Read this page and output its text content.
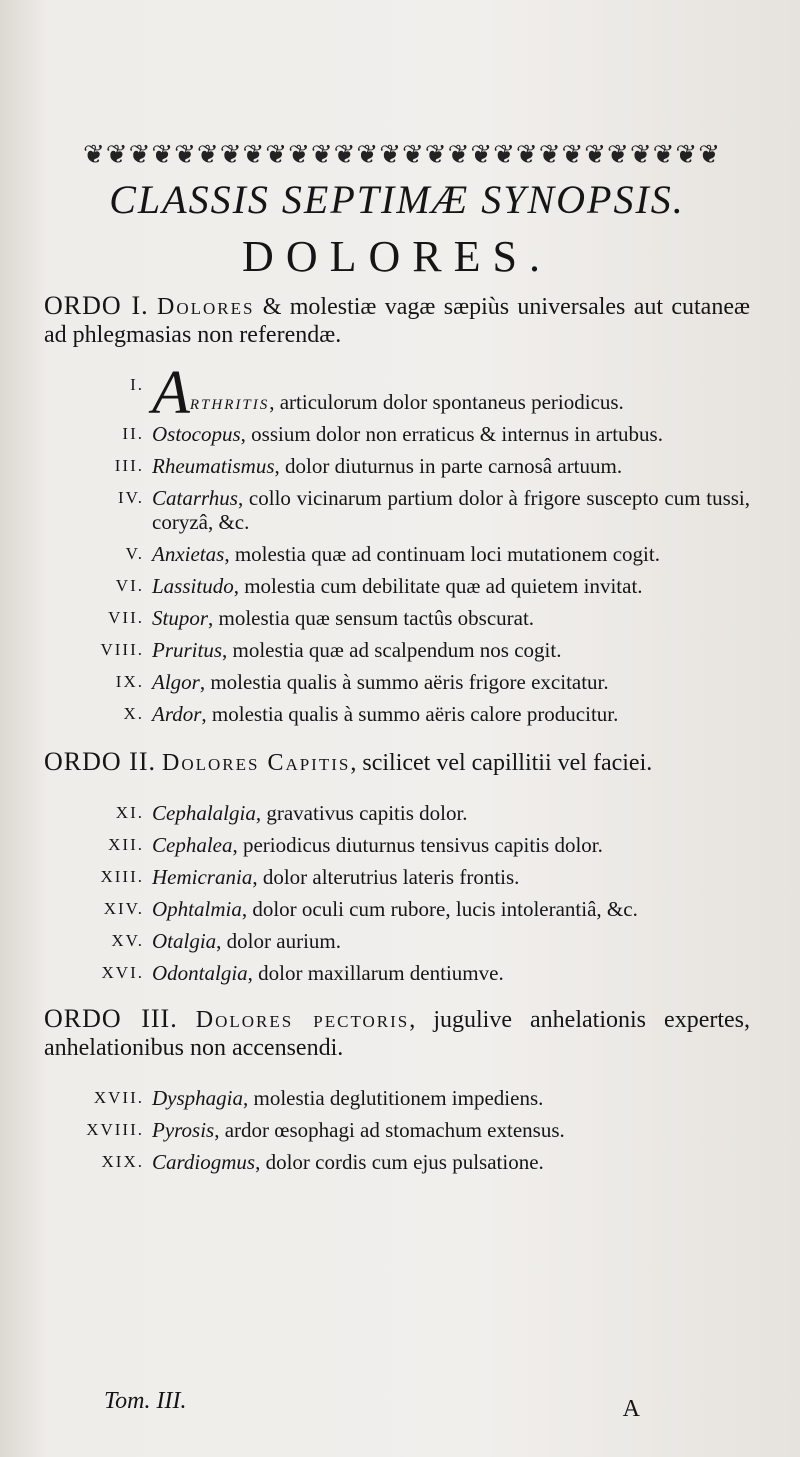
❦❦❦❦❦❦❦❦❦❦❦❦❦❦❦❦❦❦❦❦❦❦❦❦❦❦❦❦
CLASSIS SEPTIMÆ SYNOPSIS.
DOLORES.
ORDO I. Dolores & molestiæ vagæ sæpiùs universales aut cutaneæ ad phlegmasias non referendæ.
I. Arthritis, articulorum dolor spontaneus periodicus.
II. Ostocopus, ossium dolor non erraticus & internus in artubus.
III. Rheumatismus, dolor diuturnus in parte carnosâ artuum.
IV. Catarrhus, collo vicinarum partium dolor à frigore suscepto cum tussi, coryzâ, &c.
V. Anxietas, molestia quæ ad continuam loci mutationem cogit.
VI. Lassitudo, molestia cum debilitate quæ ad quietem invitat.
VII. Stupor, molestia quæ sensum tactûs obscurat.
VIII. Pruritus, molestia quæ ad scalpendum nos cogit.
IX. Algor, molestia qualis à summo aëris frigore excitatur.
X. Ardor, molestia qualis à summo aëris calore producitur.
ORDO II. Dolores Capitis, scilicet vel capillitii vel faciei.
XI. Cephalalgia, gravativus capitis dolor.
XII. Cephalea, periodicus diuturnus tensivus capitis dolor.
XIII. Hemicrania, dolor alterutrius lateris frontis.
XIV. Ophtalmia, dolor oculi cum rubore, lucis intolerantiâ, &c.
XV. Otalgia, dolor aurium.
XVI. Odontalgia, dolor maxillarum dentiumve.
ORDO III. Dolores pectoris, jugulive anhelationis expertes, anhelationibus non accensendi.
XVII. Dysphagia, molestia deglutitionem impediens.
XVIII. Pyrosis, ardor œsophagi ad stomachum extensus.
XIX. Cardiogmus, dolor cordis cum ejus pulsatione.
Tom. III.	A
